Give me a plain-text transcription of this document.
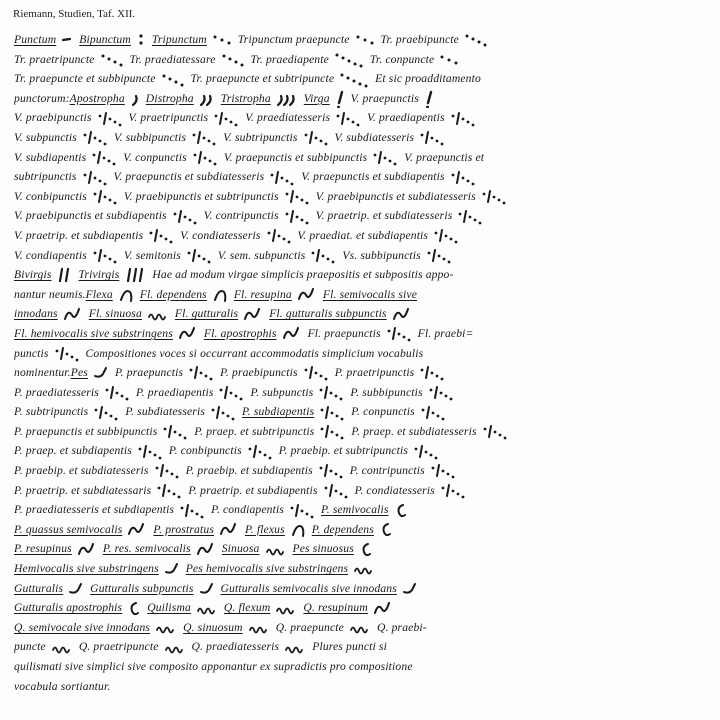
Riemann, Studien, Taf. XII.
Punctum Bipunctum Tripunctum	Tripunctum praepuncte	Tr. praebipuncte
Tr. praetripuncte	Tr. praediatessare	Tr. praediapente	Tr. conpuncte
Tr. praepuncte et subbipuncte	Tr. praepuncte et subtripuncte	Et sic proadditamento
punctorum:Apostropha Distropha Tristropha	Virga V. praepunctis
V. praebipunctis	V. praetripunctis	V. praediatesseris	V. praediapentis
V. subpunctis	V. subbipunctis	V. subtripunctis	V. subdiatesseris
V. subdiapentis	V. conpunctis	V. praepunctis et subbipunctis	V. praepunctis et
subtripunctis	V. praepunctis et subdiatesseris	V. praepunctis et subdiapentis
V. conbipunctis	V. praebipunctis et subtripunctis	V. praebipunctis et subdiatesseris
V. praebipunctis et subdiapentis	V. contripunctis	V. praetrip. et subdiatesseris
V. praetrip. et subdiapentis	V. condiatesseris	V. praediat. et subdiapentis
V. condiapentis	V. semitonis	V. sem. subpunctis	Vs. subbipunctis
Bivirgis Trivirgis	Hae ad modum virgae simplicis praepositis et subpositis appo-
nantur neumis.Flexa Fl. dependens Fl. resupina	Fl. semivocalis sive
innodans	Fl. sinuosa	Fl. gutturalis	Fl. gutturalis subpunctis
Fl. hemivocalis sive substringens	Fl. apostrophis	Fl. praepunctis	Fl. praebi=
punctis	Compositiones voces si occurrant accommodatis simplicium vocabulis
nominentur.Pes P. praepunctis	P. praebipunctis	P. praetripunctis
P. praediatesseris	P. praediapentis	P. subpunctis	P. subbipunctis
P. subtripunctis	P. subdiatesseris	P. subdiapentis	P. conpunctis
P. praepunctis et subbipunctis	P. praep. et subtripunctis	P. praep. et subdiatesseris
P. praep. et subdiapentis	P. conbipunctis	P. praebip. et subtripunctis
P. praebip. et subdiatesseris	P. praebip. et subdiapentis	P. contripunctis
P. praetrip. et subdiatessaris	P. praetrip. et subdiapentis	P. condiatesseris
P. praediatesseris et subdiapentis	P. condiapentis	P. semivocalis
P. quassus semivocalis	P. prostratus	P. flexus P. dependens
P. resupinus	P. res. semivocalis	Sinuosa	Pes sinuosus
Hemivocalis sive substringens Pes hemivocalis sive substringens
Gutturalis Gutturalis subpunctis Gutturalis semivocalis sive innodans
Gutturalis apostrophis Quilisma	Q. flexum	Q. resupinum
Q. semivocale sive innodans	Q. sinuosum	Q. praepuncte	Q. praebi-
puncte	Q. praetripuncte	Q. praediatesseris	Plures puncti si
quilismati sive simplici sive composito apponantur ex supradictis pro compositione
vocabula sortiantur.
